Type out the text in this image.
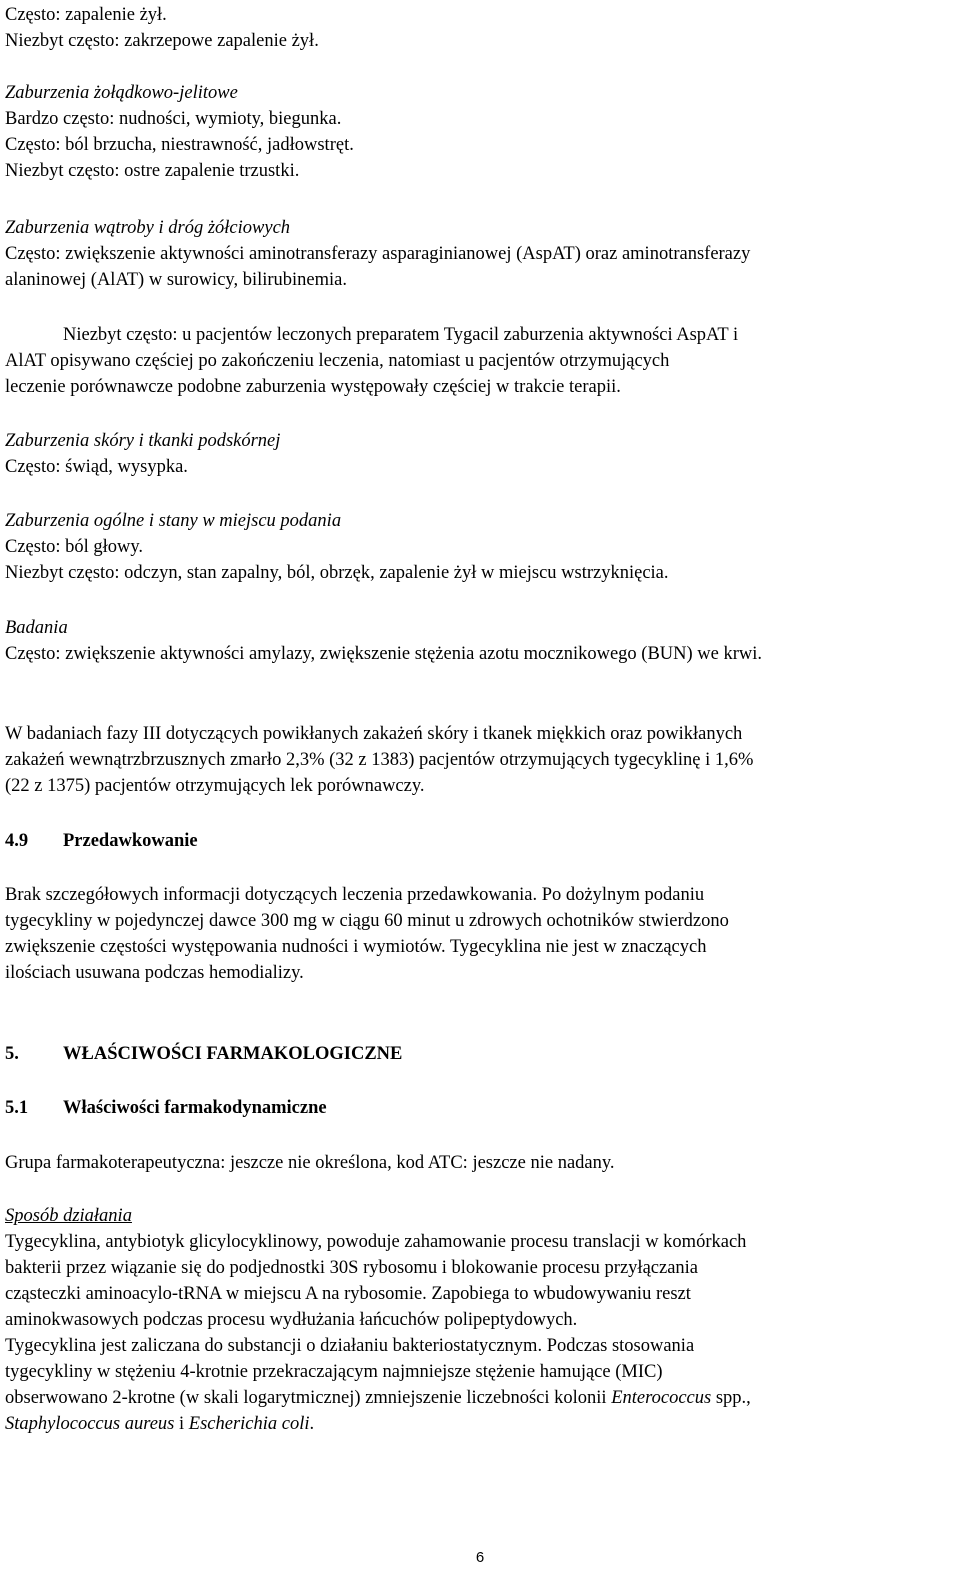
Często: zapalenie żył.
Niezbyt często: zakrzepowe zapalenie żył.
Zaburzenia żołądkowo-jelitowe
Bardzo często: nudności, wymioty, biegunka.
Często: ból brzucha, niestrawność, jadłowstręt.
Niezbyt często: ostre zapalenie trzustki.
Zaburzenia wątroby i dróg żółciowych
Często: zwiększenie aktywności aminotransferazy asparaginianowej (AspAT) oraz aminotransferazy
alaninowej (AlAT) w surowicy, bilirubinemia.
Niezbyt często: u pacjentów leczonych preparatem Tygacil zaburzenia aktywności AspAT i
AlAT opisywano częściej po zakończeniu leczenia, natomiast u pacjentów otrzymujących
leczenie porównawcze podobne zaburzenia występowały częściej w trakcie terapii.
Zaburzenia skóry i tkanki podskórnej
Często: świąd, wysypka.
Zaburzenia ogólne i stany w miejscu podania
Często: ból głowy.
Niezbyt często: odczyn, stan zapalny, ból, obrzęk, zapalenie żył w miejscu wstrzyknięcia.
Badania
Często: zwiększenie aktywności amylazy, zwiększenie stężenia azotu mocznikowego (BUN) we krwi.
W badaniach fazy III dotyczących powikłanych zakażeń skóry i tkanek miękkich oraz powikłanych
zakażeń wewnątrzbrzusznych zmarło 2,3% (32 z 1383) pacjentów otrzymujących tygecyklinę i 1,6%
(22 z 1375) pacjentów otrzymujących lek porównawczy.
4.9 Przedawkowanie
Brak szczegółowych informacji dotyczących leczenia przedawkowania. Po dożylnym podaniu
tygecykliny w pojedynczej dawce 300 mg w ciągu 60 minut u zdrowych ochotników stwierdzono
zwiększenie częstości występowania nudności i wymiotów. Tygecyklina nie jest w znaczących
ilościach usuwana podczas hemodializy.
5. WŁAŚCIWOŚCI FARMAKOLOGICZNE
5.1 Właściwości farmakodynamiczne
Grupa farmakoterapeutyczna: jeszcze nie określona, kod ATC: jeszcze nie nadany.
Sposób działania
Tygecyklina, antybiotyk glicylocyklinowy, powoduje zahamowanie procesu translacji w komórkach
bakterii przez wiązanie się do podjednostki 30S rybosomu i blokowanie procesu przyłączania
cząsteczki aminoacylo-tRNA w miejscu A na rybosomie. Zapobiega to wbudowywaniu reszt
aminokwasowych podczas procesu wydłużania łańcuchów polipeptydowych.
Tygecyklina jest zaliczana do substancji o działaniu bakteriostatycznym. Podczas stosowania
tygecykliny w stężeniu 4-krotnie przekraczającym najmniejsze stężenie hamujące (MIC)
obserwowano 2-krotne (w skali logarytmicznej) zmniejszenie liczebności kolonii Enterococcus spp.,
Staphylococcus aureus i Escherichia coli.
6
